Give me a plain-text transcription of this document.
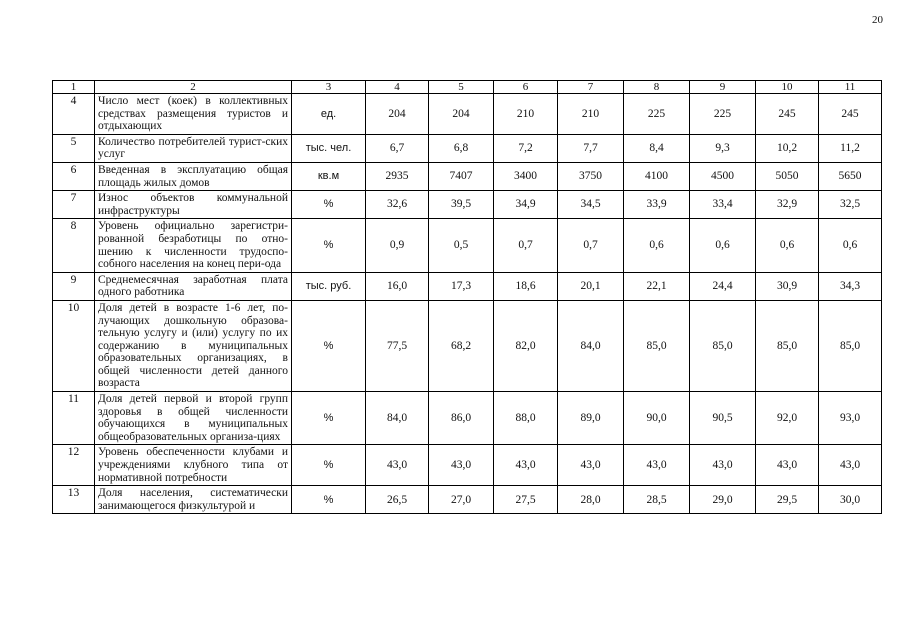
20
1	2	3	4	5	6	7	8	9	10	11
4	Число мест (коек) в коллективных средствах размещения туристов и отдыхающих	ед.	204	204	210	210	225	225	245	245
5	Количество потребителей турист-ских услуг	тыс. чел.	6,7	6,8	7,2	7,7	8,4	9,3	10,2	11,2
6	Введенная в эксплуатацию общая площадь жилых домов	кв.м	2935	7407	3400	3750	4100	4500	5050	5650
7	Износ объектов коммунальной инфраструктуры	%	32,6	39,5	34,9	34,5	33,9	33,4	32,9	32,5
8	Уровень официально зарегистри-рованной безработицы по отно-шению к численности трудоспо-собного населения на конец пери-ода	%	0,9	0,5	0,7	0,7	0,6	0,6	0,6	0,6
9	Среднемесячная заработная плата одного работника	тыс. руб.	16,0	17,3	18,6	20,1	22,1	24,4	30,9	34,3
10	Доля детей в возрасте 1-6 лет, по-лучающих дошкольную образова-тельную услугу и (или) услугу по их содержанию в муниципальных образовательных организациях, в общей численности детей данного возраста	%	77,5	68,2	82,0	84,0	85,0	85,0	85,0	85,0
11	Доля детей первой и второй групп здоровья в общей численности обучающихся в муниципальных общеобразовательных организа-циях	%	84,0	86,0	88,0	89,0	90,0	90,5	92,0	93,0
12	Уровень обеспеченности клубами и учреждениями клубного типа от нормативной потребности	%	43,0	43,0	43,0	43,0	43,0	43,0	43,0	43,0
13	Доля населения, систематически занимающегося физкультурой и	%	26,5	27,0	27,5	28,0	28,5	29,0	29,5	30,0
